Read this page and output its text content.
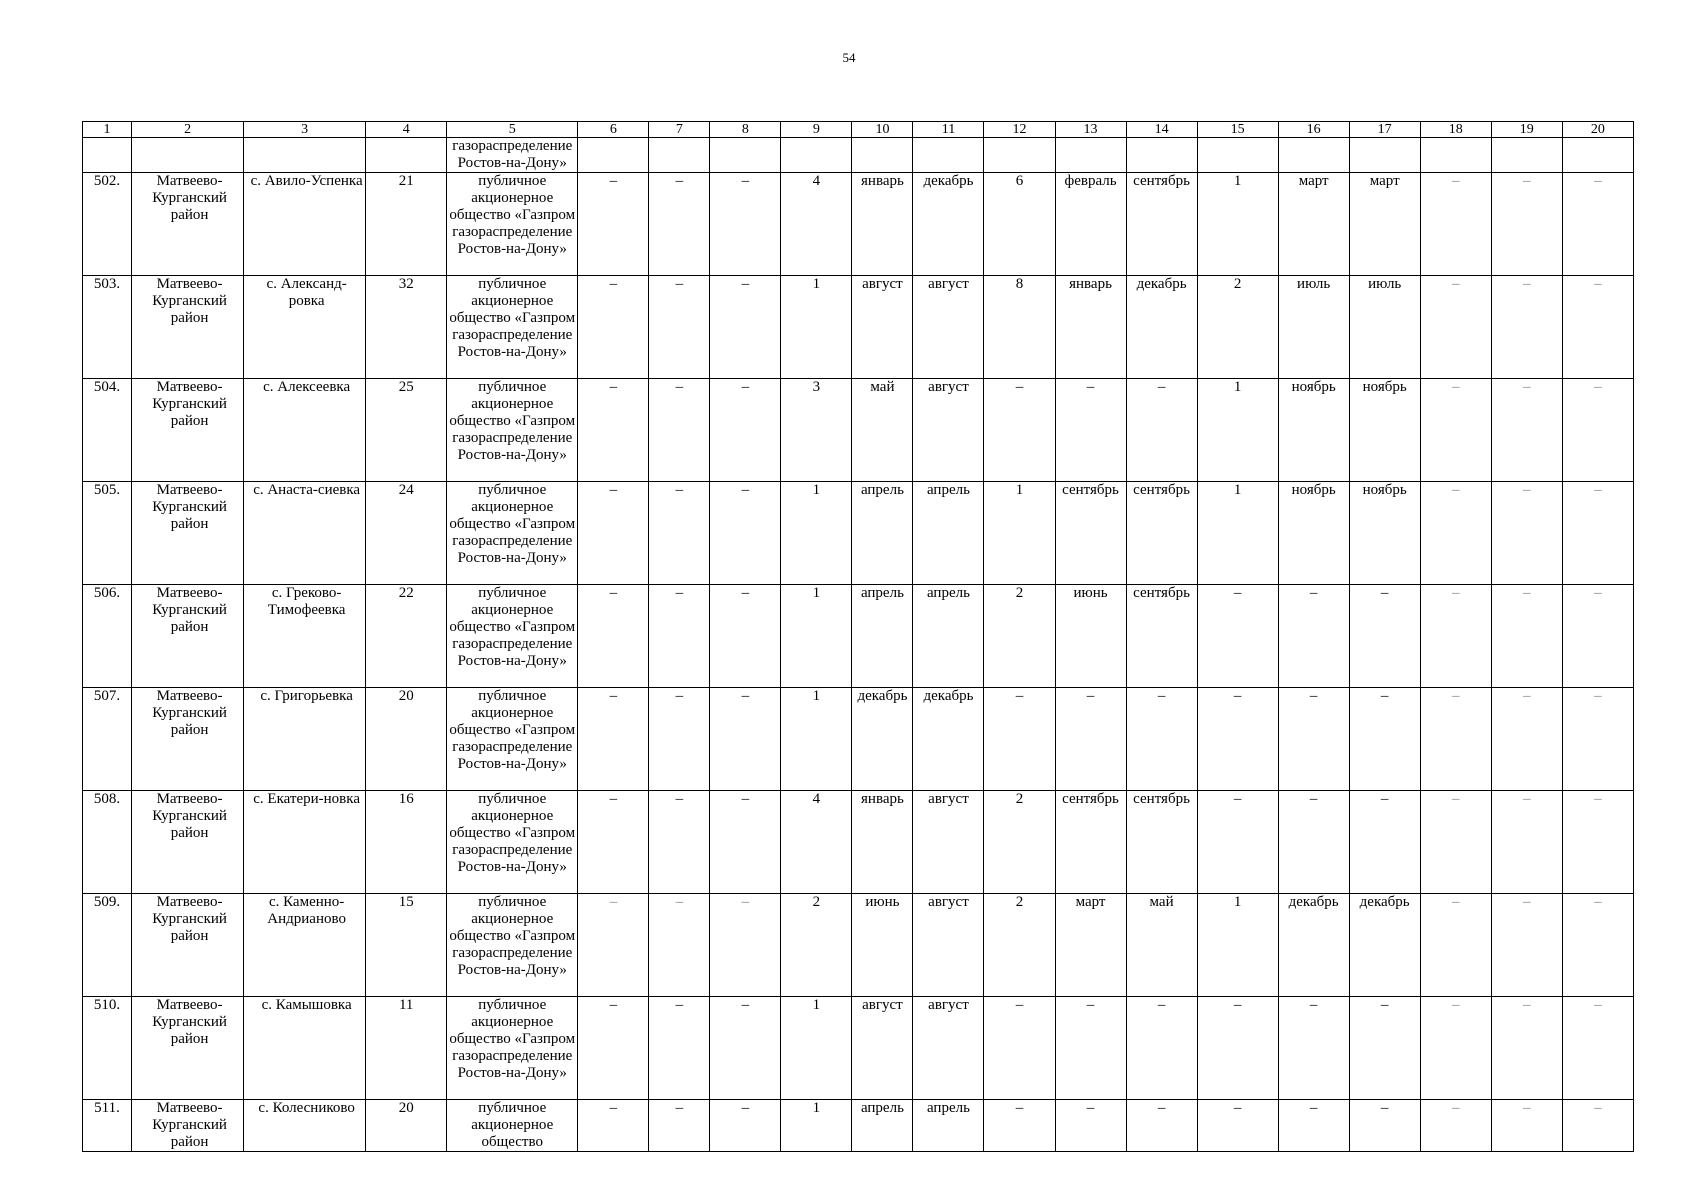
54
1	2	3	4	5	6	7	8	9	10	11	12	13	14	15	16	17	18	19	20
				газораспределение Ростов-на-Дону»															
502.	Матвеево-Курганский район	с. Авило-Успенка	21	публичное акционерное общество «Газпром газораспределение Ростов-на-Дону»	–	–	–	4	январь	декабрь	6	февраль	сентябрь	1	март	март	–	–	–
503.	Матвеево-Курганский район	с. Александ-ровка	32	публичное акционерное общество «Газпром газораспределение Ростов-на-Дону»	–	–	–	1	август	август	8	январь	декабрь	2	июль	июль	–	–	–
504.	Матвеево-Курганский район	с. Алексеевка	25	публичное акционерное общество «Газпром газораспределение Ростов-на-Дону»	–	–	–	3	май	август	–	–	–	1	ноябрь	ноябрь	–	–	–
505.	Матвеево-Курганский район	с. Анаста-сиевка	24	публичное акционерное общество «Газпром газораспределение Ростов-на-Дону»	–	–	–	1	апрель	апрель	1	сентябрь	сентябрь	1	ноябрь	ноябрь	–	–	–
506.	Матвеево-Курганский район	с. Греково-Тимофеевка	22	публичное акционерное общество «Газпром газораспределение Ростов-на-Дону»	–	–	–	1	апрель	апрель	2	июнь	сентябрь	–	–	–	–	–	–
507.	Матвеево-Курганский район	с. Григорьевка	20	публичное акционерное общество «Газпром газораспределение Ростов-на-Дону»	–	–	–	1	декабрь	декабрь	–	–	–	–	–	–	–	–	–
508.	Матвеево-Курганский район	с. Екатери-новка	16	публичное акционерное общество «Газпром газораспределение Ростов-на-Дону»	–	–	–	4	январь	август	2	сентябрь	сентябрь	–	–	–	–	–	–
509.	Матвеево-Курганский район	с. Каменно-Андрианово	15	публичное акционерное общество «Газпром газораспределение Ростов-на-Дону»	–	–	–	2	июнь	август	2	март	май	1	декабрь	декабрь	–	–	–
510.	Матвеево-Курганский район	с. Камышовка	11	публичное акционерное общество «Газпром газораспределение Ростов-на-Дону»	–	–	–	1	август	август	–	–	–	–	–	–	–	–	–
511.	Матвеево-Курганский район	с. Колесниково	20	публичное акционерное общество	–	–	–	1	апрель	апрель	–	–	–	–	–	–	–	–	–
